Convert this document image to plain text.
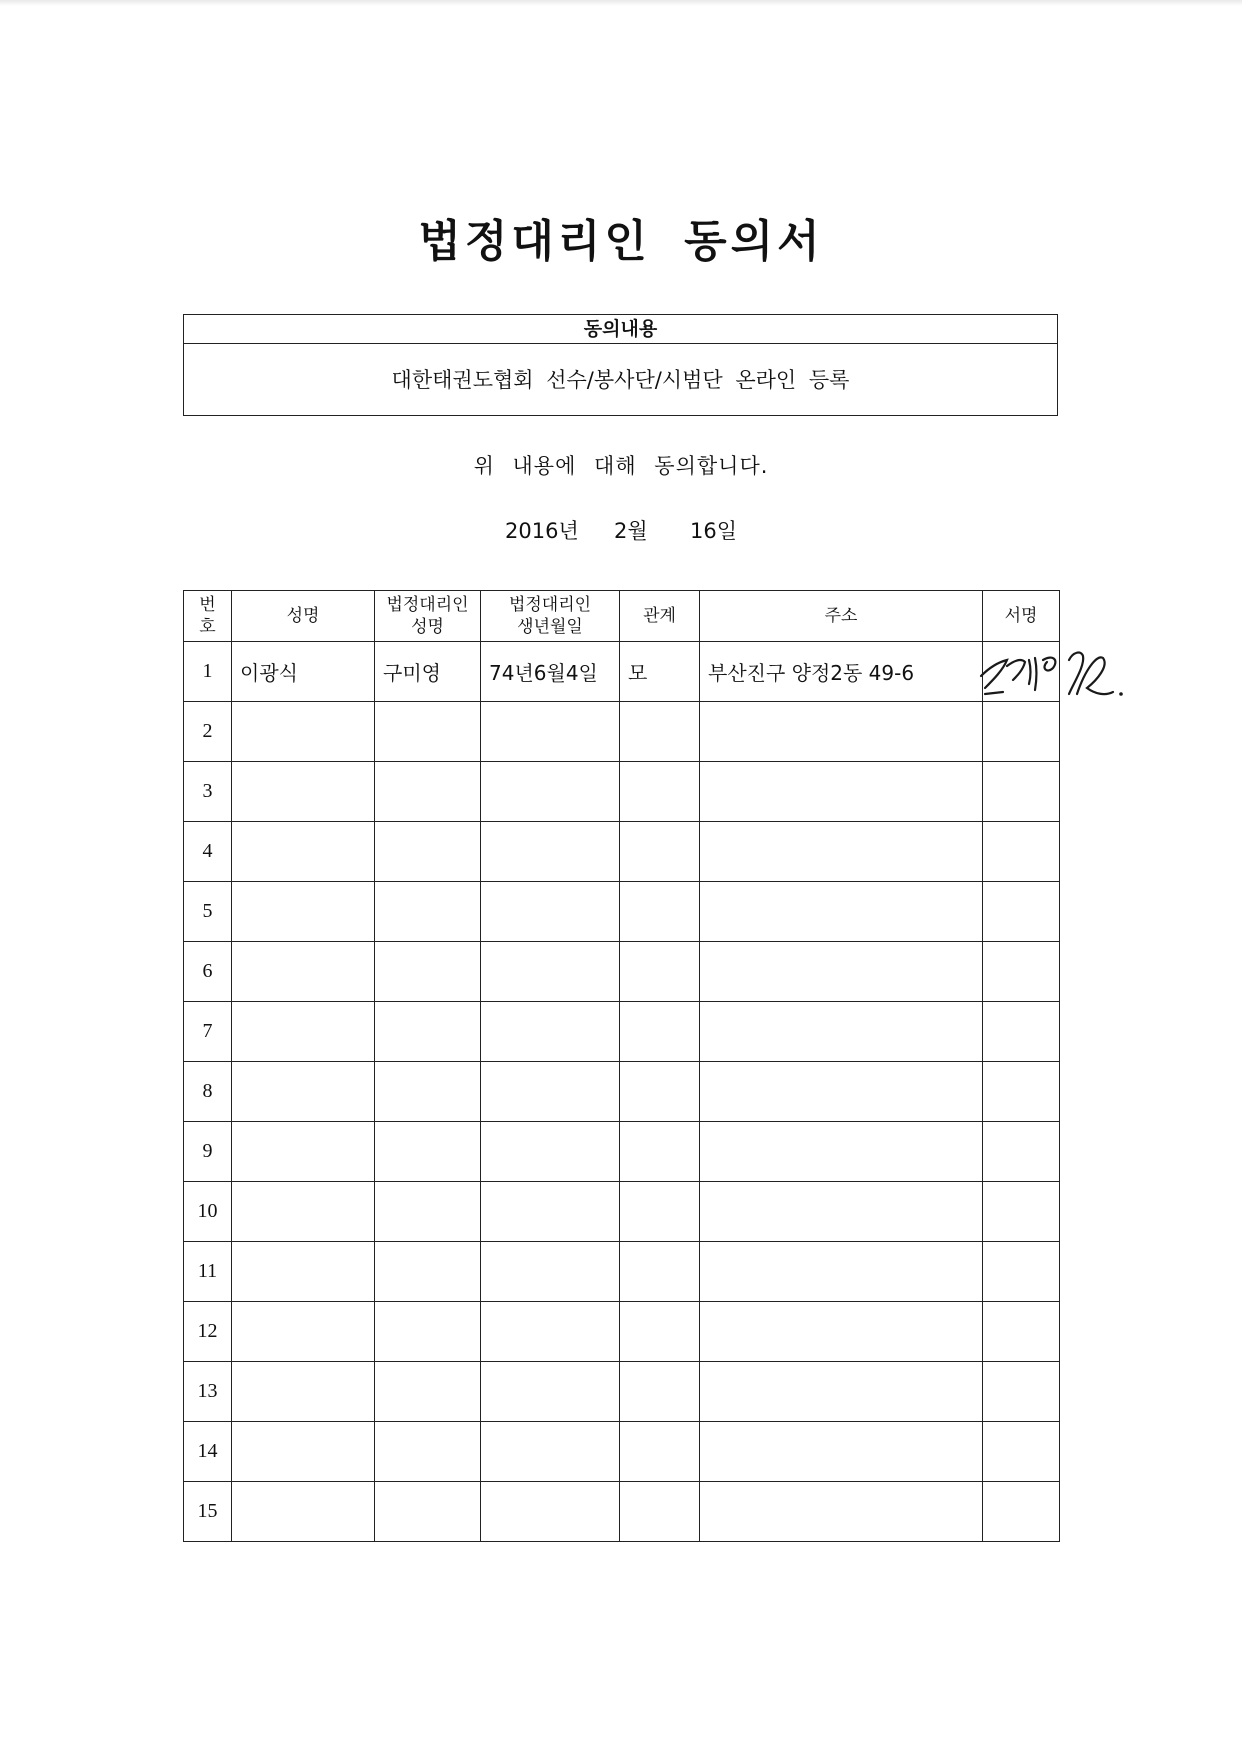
법정대리인 동의서
동의내용
대한태권도협회 선수/봉사단/시범단 온라인 등록
위 내용에 대해 동의합니다.
2016년 2월 16일
번호	성명	법정대리인 성명	법정대리인 생년월일	관계	주소	서명
1	이광식	구미영	74년6월4일	모	부산진구 양정2동 49-6	

2						
3						
4						
5						
6						
7						
8						
9						
10						
11						
12						
13						
14						
15						
